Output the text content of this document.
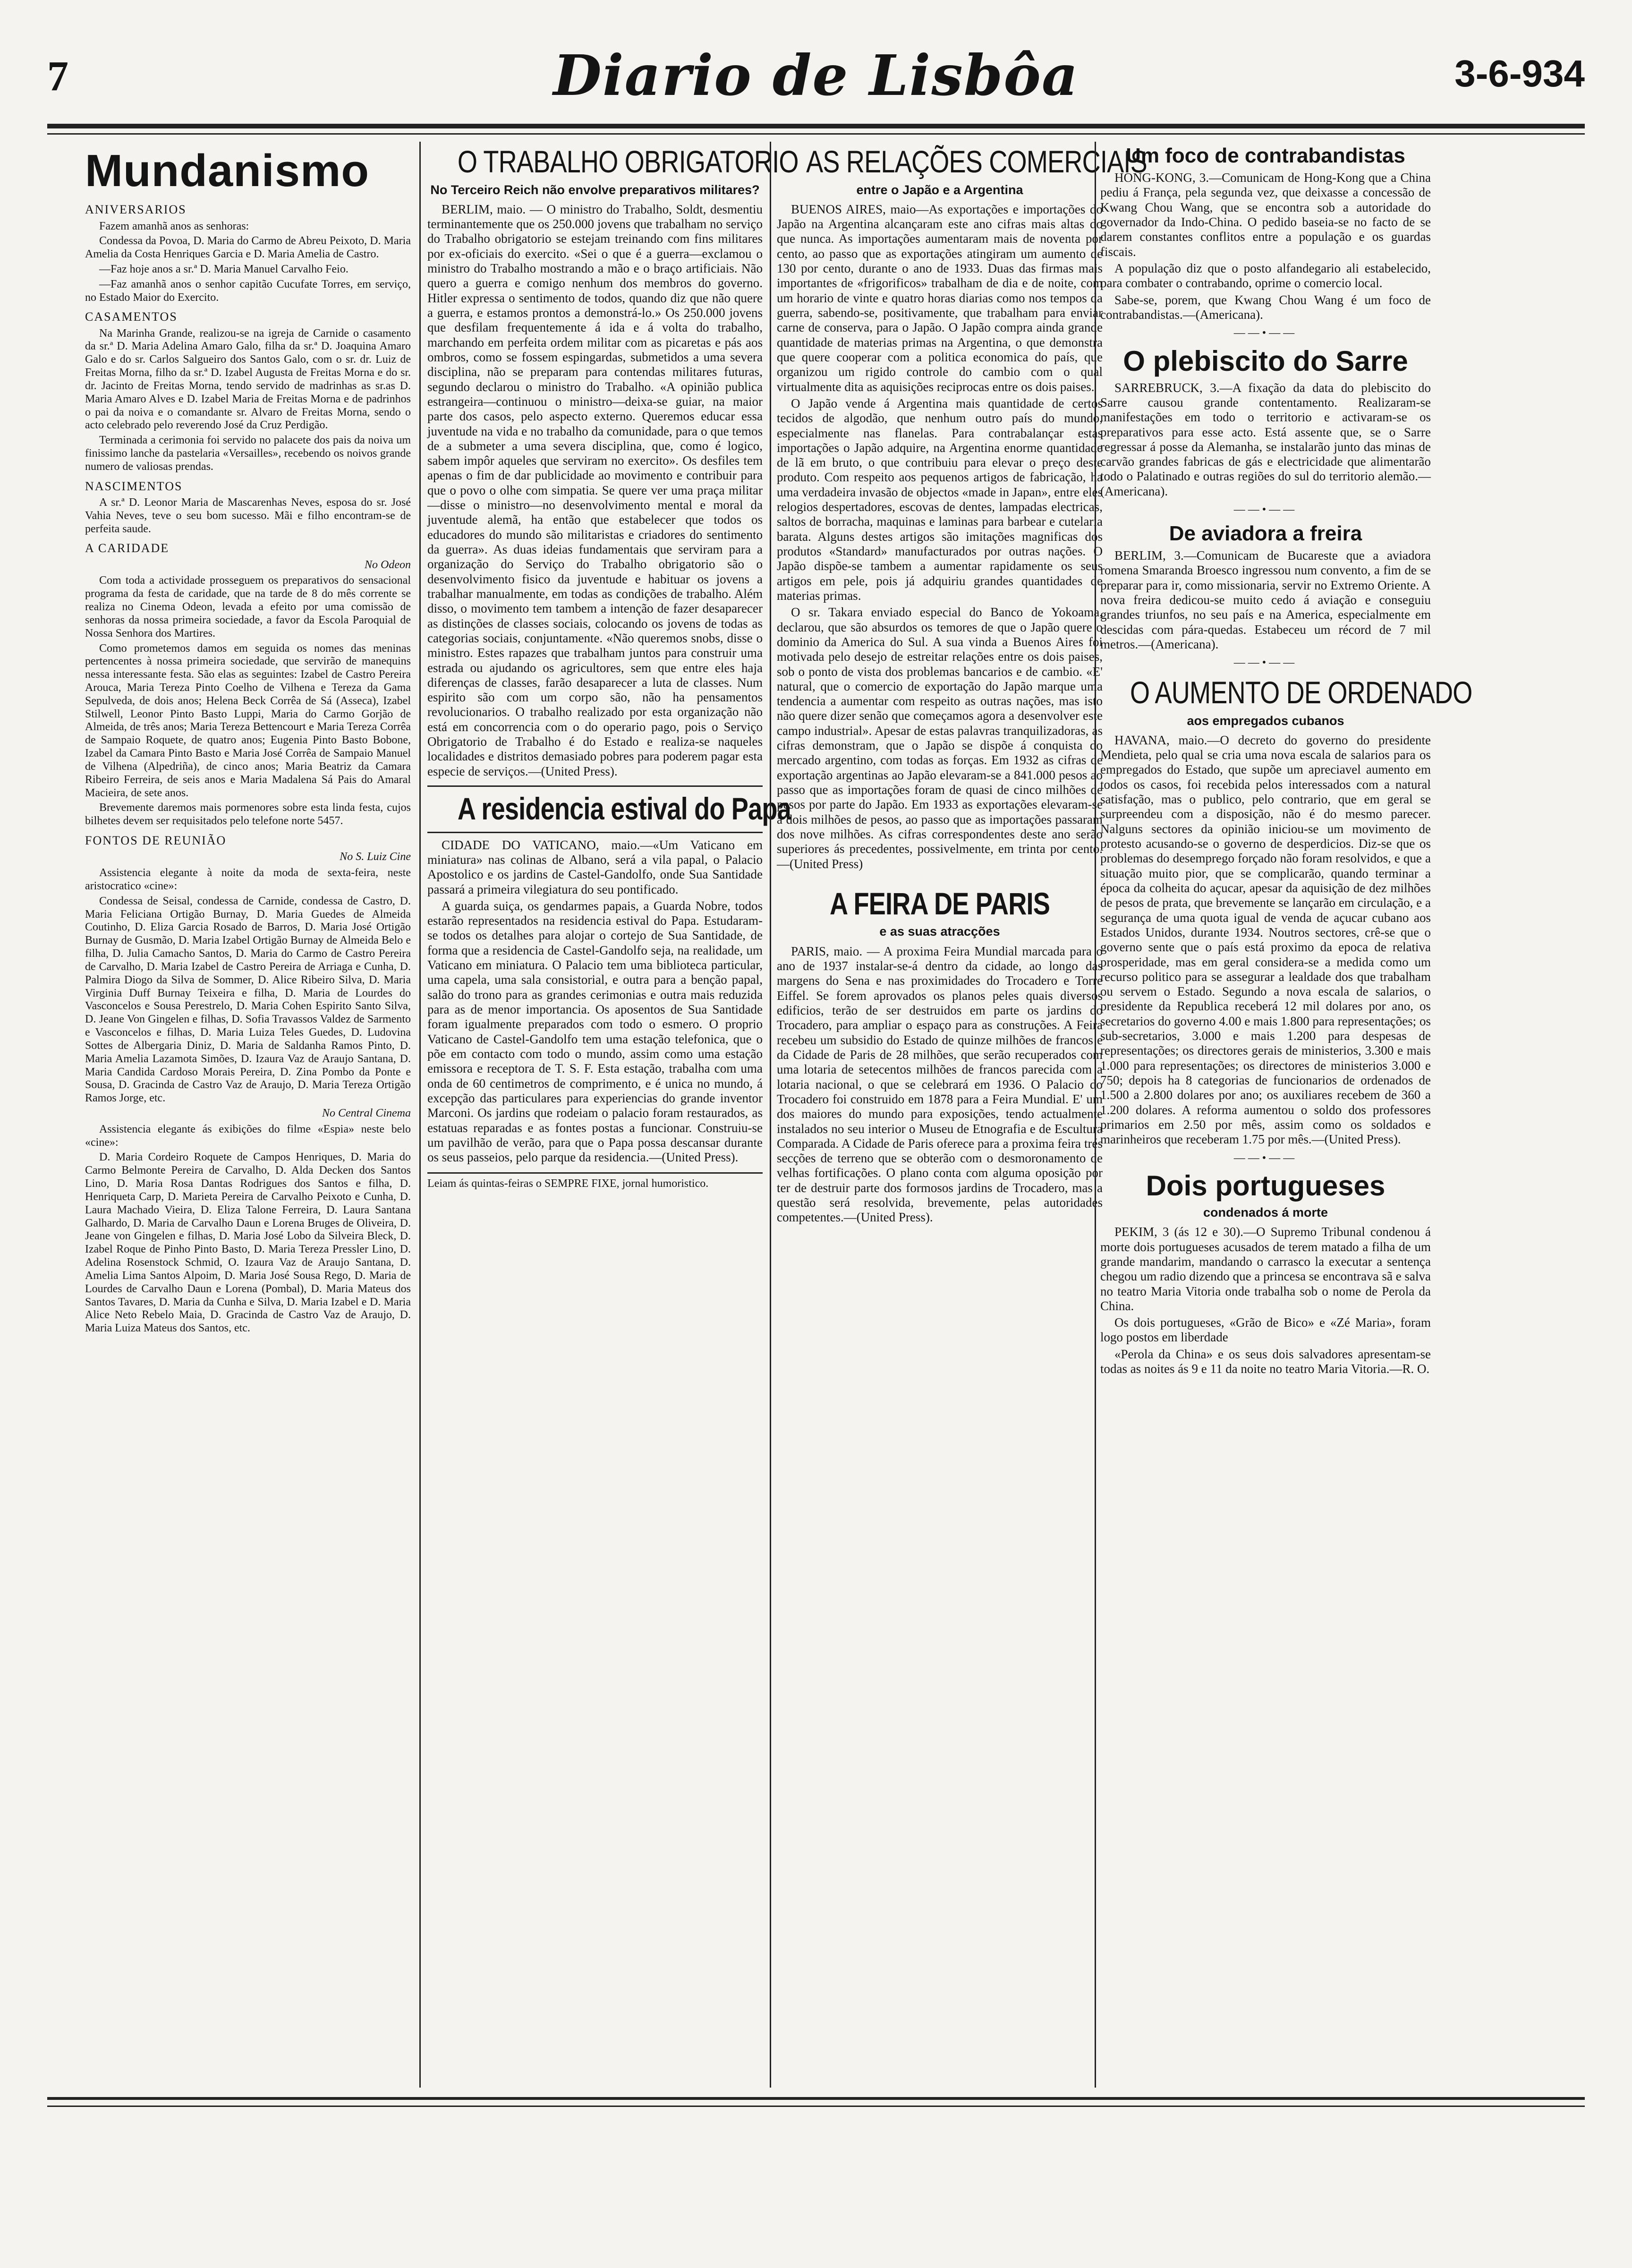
7	Diario de Lisbôa	3-6-934
Mundanismo
ANIVERSARIOS

Fazem amanhã anos as senhoras:

Condessa da Povoa, D. Maria do Carmo de Abreu Peixoto, D. Maria Amelia da Costa Henriques Garcia e D. Maria Amelia de Castro.

—Faz hoje anos a sr.ª D. Maria Manuel Carvalho Feio.

—Faz amanhã anos o senhor capitão Cucufate Torres, em serviço, no Estado Maior do Exercito.

CASAMENTOS

Na Marinha Grande, realizou-se na igreja de Carnide o casamento da sr.ª D. Maria Adelina Amaro Galo, filha da sr.ª D. Joaquina Amaro Galo e do sr. Carlos Salgueiro dos Santos Galo, com o sr. dr. Luiz de Freitas Morna, filho da sr.ª D. Izabel Augusta de Freitas Morna e do sr. dr. Jacinto de Freitas Morna, tendo servido de madrinhas as sr.as D. Maria Amaro Alves e D. Izabel Maria de Freitas Morna e de padrinhos o pai da noiva e o comandante sr. Alvaro de Freitas Morna, sendo o acto celebrado pelo reverendo José da Cruz Perdigão.

Terminada a cerimonia foi servido no palacete dos pais da noiva um finissimo lanche da pastelaria «Versailles», recebendo os noivos grande numero de valiosas prendas.

NASCIMENTOS

A sr.ª D. Leonor Maria de Mascarenhas Neves, esposa do sr. José Vahia Neves, teve o seu bom sucesso. Mãi e filho encontram-se de perfeita saude.

A CARIDADE
No Odeon

Com toda a actividade prosseguem os preparativos do sensacional programa da festa de caridade, que na tarde de 8 do mês corrente se realiza no Cinema Odeon, levada a efeito por uma comissão de senhoras da nossa primeira sociedade, a favor da Escola Paroquial de Nossa Senhora dos Martires.

Como prometemos damos em seguida os nomes das meninas pertencentes à nossa primeira sociedade, que servirão de manequins nessa interessante festa. São elas as seguintes: Izabel de Castro Pereira Arouca, Maria Tereza Pinto Coelho de Vilhena e Tereza da Gama Sepulveda, de dois anos; Helena Beck Corrêa de Sá (Asseca), Izabel Stilwell, Leonor Pinto Basto Luppi, Maria do Carmo Gorjão de Almeida, de três anos; Maria Tereza Bettencourt e Maria Tereza Corrêa de Sampaio Roquete, de quatro anos; Eugenia Pinto Basto Bobone, Izabel da Camara Pinto Basto e Maria José Corrêa de Sampaio Manuel de Vilhena (Alpedriña), de cinco anos; Maria Beatriz da Camara Ribeiro Ferreira, de seis anos e Maria Madalena Sá Pais do Amaral Macieira, de sete anos.

Brevemente daremos mais pormenores sobre esta linda festa, cujos bilhetes devem ser requisitados pelo telefone norte 5457.

FONTOS DE REUNIÃO
No S. Luiz Cine

Assistencia elegante à noite da moda de sexta-feira, neste aristocratico «cine»:

Condessa de Seisal, condessa de Carnide, condessa de Castro, D. Maria Feliciana Ortigão Burnay, D. Maria Guedes de Almeida Coutinho, D. Eliza Garcia Rosado de Barros, D. Maria José Ortigão Burnay de Gusmão, D. Maria Izabel Ortigão Burnay de Almeida Belo e filha, D. Julia Camacho Santos, D. Maria do Carmo de Castro Pereira de Carvalho, D. Maria Izabel de Castro Pereira de Arriaga e Cunha, D. Palmira Diogo da Silva de Sommer, D. Alice Ribeiro Silva, D. Maria Virginia Duff Burnay Teixeira e filha, D. Maria de Lourdes do Vasconcelos e Sousa Perestrelo, D. Maria Cohen Espirito Santo Silva, D. Jeane Von Gingelen e filhas, D. Sofia Travassos Valdez de Sarmento e Vasconcelos e filhas, D. Maria Luiza Teles Guedes, D. Ludovina Sottes de Albergaria Diniz, D. Maria de Saldanha Ramos Pinto, D. Maria Amelia Lazamota Simões, D. Izaura Vaz de Araujo Santana, D. Maria Candida Cardoso Morais Pereira, D. Zina Pombo da Ponte e Sousa, D. Gracinda de Castro Vaz de Araujo, D. Maria Tereza Ortigão Ramos Jorge, etc.

No Central Cinema

Assistencia elegante ás exibições do filme «Espia» neste belo «cine»:

D. Maria Cordeiro Roquete de Campos Henriques, D. Maria do Carmo Belmonte Pereira de Carvalho, D. Alda Decken dos Santos Lino, D. Maria Rosa Dantas Rodrigues dos Santos e filha, D. Henriqueta Carp, D. Marieta Pereira de Carvalho Peixoto e Cunha, D. Laura Machado Vieira, D. Eliza Talone Ferreira, D. Laura Santana Galhardo, D. Maria de Carvalho Daun e Lorena Bruges de Oliveira, D. Jeane von Gingelen e filhas, D. Maria José Lobo da Silveira Bleck, D. Izabel Roque de Pinho Pinto Basto, D. Maria Tereza Pressler Lino, D. Adelina Rosenstock Schmid, O. Izaura Vaz de Araujo Santana, D. Amelia Lima Santos Alpoim, D. Maria José Sousa Rego, D. Maria de Lourdes de Carvalho Daun e Lorena (Pombal), D. Maria Mateus dos Santos Tavares, D. Maria da Cunha e Silva, D. Maria Izabel e D. Maria Alice Neto Rebelo Maia, D. Gracinda de Castro Vaz de Araujo, D. Maria Luiza Mateus dos Santos, etc.

O TRABALHO OBRIGATORIO
No Terceiro Reich não envolve preparativos militares?

BERLIM, maio. — O ministro do Trabalho, Soldt, desmentiu terminantemente que os 250.000 jovens que trabalham no serviço do Trabalho obrigatorio se estejam treinando com fins militares por ex-oficiais do exercito. «Sei o que é a guerra—exclamou o ministro do Trabalho mostrando a mão e o braço artificiais. Não quero a guerra e comigo nenhum dos membros do governo. Hitler expressa o sentimento de todos, quando diz que não quere a guerra, e estamos prontos a demonstrá-lo.» Os 250.000 jovens que desfilam frequentemente á ida e á volta do trabalho, marchando em perfeita ordem militar com as picaretas e pás aos ombros, como se fossem espingardas, submetidos a uma severa disciplina, não se preparam para contendas militares futuras, segundo declarou o ministro do Trabalho. «A opinião publica estrangeira—continuou o ministro—deixa-se guiar, na maior parte dos casos, pelo aspecto externo. Queremos educar essa juventude na vida e no trabalho da comunidade, para o que temos de a submeter a uma severa disciplina, que, como é logico, sabem impôr aqueles que serviram no exercito». Os desfiles tem apenas o fim de dar publicidade ao movimento e contribuir para que o povo o olhe com simpatia. Se quere ver uma praça militar—disse o ministro—no desenvolvimento mental e moral da juventude alemã, ha então que estabelecer que todos os educadores do mundo são militaristas e criadores do sentimento da guerra». As duas ideias fundamentais que serviram para a organização do Serviço do Trabalho obrigatorio são o desenvolvimento fisico da juventude e habituar os jovens a trabalhar manualmente, em todas as condições de trabalho. Além disso, o movimento tem tambem a intenção de fazer desaparecer as distinções de classes sociais, colocando os jovens de todas as categorias sociais, conjuntamente. «Não queremos snobs, disse o ministro. Estes rapazes que trabalham juntos para construir uma estrada ou ajudando os agricultores, sem que entre eles haja diferenças de classes, farão desaparecer a luta de classes. Num espirito são com um corpo são, não ha pensamentos revolucionarios. O trabalho realizado por esta organização não está em concorrencia com o do operario pago, pois o Serviço Obrigatorio de Trabalho é do Estado e realiza-se naqueles localidades e distritos demasiado pobres para poderem pagar esta especie de serviços.—(United Press).

A residencia estival do Papa

CIDADE DO VATICANO, maio.—«Um Vaticano em miniatura» nas colinas de Albano, será a vila papal, o Palacio Apostolico e os jardins de Castel-Gandolfo, onde Sua Santidade passará a primeira vilegiatura do seu pontificado.

A guarda suiça, os gendarmes papais, a Guarda Nobre, todos estarão representados na residencia estival do Papa. Estudaram-se todos os detalhes para alojar o cortejo de Sua Santidade, de forma que a residencia de Castel-Gandolfo seja, na realidade, um Vaticano em miniatura. O Palacio tem uma biblioteca particular, uma capela, uma sala consistorial, e outra para a benção papal, salão do trono para as grandes cerimonias e outra mais reduzida para as de menor importancia. Os aposentos de Sua Santidade foram igualmente preparados com todo o esmero. O proprio Vaticano de Castel-Gandolfo tem uma estação telefonica, que o põe em contacto com todo o mundo, assim como uma estação emissora e receptora de T. S. F. Esta estação, trabalha com uma onda de 60 centimetros de comprimento, e é unica no mundo, á excepção das particulares para experiencias do grande inventor Marconi. Os jardins que rodeiam o palacio foram restaurados, as estatuas reparadas e as fontes postas a funcionar. Construiu-se um pavilhão de verão, para que o Papa possa descansar durante os seus passeios, pelo parque da residencia.—(United Press).

Leiam ás quintas-feiras o SEMPRE FIXE, jornal humoristico.
AS RELAÇÕES COMERCIAIS
entre o Japão e a Argentina

BUENOS AIRES, maio—As exportações e importações do Japão na Argentina alcançaram este ano cifras mais altas do que nunca. As importações aumentaram mais de noventa por cento, ao passo que as exportações atingiram um aumento de 130 por cento, durante o ano de 1933. Duas das firmas mais importantes de «frigorificos» trabalham de dia e de noite, com um horario de vinte e quatro horas diarias como nos tempos da guerra, sabendo-se, positivamente, que trabalham para enviar carne de conserva, para o Japão. O Japão compra ainda grande quantidade de materias primas na Argentina, o que demonstra que quere cooperar com a politica economica do país, que organizou um rigido controle do cambio com o qual virtualmente dita as aquisições reciprocas entre os dois paises.

O Japão vende á Argentina mais quantidade de certos tecidos de algodão, que nenhum outro país do mundo, especialmente nas flanelas. Para contrabalançar estas importações o Japão adquire, na Argentina enorme quantidade de lã em bruto, o que contribuiu para elevar o preço deste produto. Com respeito aos pequenos artigos de fabricação, ha uma verdadeira invasão de objectos «made in Japan», entre eles relogios despertadores, escovas de dentes, lampadas electricas, saltos de borracha, maquinas e laminas para barbear e cutelaria barata. Alguns destes artigos são imitações magnificas dos produtos «Standard» manufacturados por outras nações. O Japão dispõe-se tambem a aumentar rapidamente os seus artigos em pele, pois já adquiriu grandes quantidades de materias primas.

O sr. Takara enviado especial do Banco de Yokoama, declarou, que são absurdos os temores de que o Japão quere o dominio da America do Sul. A sua vinda a Buenos Aires foi motivada pelo desejo de estreitar relações entre os dois paises, sob o ponto de vista dos problemas bancarios e de cambio. «E' natural, que o comercio de exportação do Japão marque uma tendencia a aumentar com respeito as outras nações, mas isto não quere dizer senão que começamos agora a desenvolver este campo industrial». Apesar de estas palavras tranquilizadoras, as cifras demonstram, que o Japão se dispõe á conquista do mercado argentino, com todas as forças. Em 1932 as cifras de exportação argentinas ao Japão elevaram-se a 841.000 pesos ao passo que as importações foram de quasi de cinco milhões de pesos por parte do Japão. Em 1933 as exportações elevaram-se a dois milhões de pesos, ao passo que as importações passaram dos nove milhões. As cifras correspondentes deste ano serão superiores ás precedentes, possivelmente, em trinta por cento.—(United Press)

A FEIRA DE PARIS
e as suas atracções

PARIS, maio. — A proxima Feira Mundial marcada para o ano de 1937 instalar-se-á dentro da cidade, ao longo das margens do Sena e nas proximidades do Trocadero e Torre Eiffel. Se forem aprovados os planos peles quais diversos edificios, terão de ser destruidos em parte os jardins do Trocadero, para ampliar o espaço para as construções. A Feira recebeu um subsidio do Estado de quinze milhões de francos e da Cidade de Paris de 28 milhões, que serão recuperados com uma lotaria de setecentos milhões de francos parecida com a lotaria nacional, o que se celebrará em 1936. O Palacio do Trocadero foi construido em 1878 para a Feira Mundial. E' um dos maiores do mundo para exposições, tendo actualmente instalados no seu interior o Museu de Etnografia e de Escultura Comparada. A Cidade de Paris oferece para a proxima feira trés secções de terreno que se obterão com o desmoronamento de velhas fortificações. O plano conta com alguma oposição por ter de destruir parte dos formosos jardins de Trocadero, mas a questão será resolvida, brevemente, pelas autoridades competentes.—(United Press).

Um foco de contrabandistas

HONG-KONG, 3.—Comunicam de Hong-Kong que a China pediu á França, pela segunda vez, que deixasse a concessão de Kwang Chou Wang, que se encontra sob a autoridade do governador da Indo-China. O pedido baseia-se no facto de se darem constantes conflitos entre a população e os guardas fiscais.

A população diz que o posto alfandegario ali estabelecido, para combater o contrabando, oprime o comercio local.

Sabe-se, porem, que Kwang Chou Wang é um foco de contrabandistas.—(Americana).

——•——
O plebiscito do Sarre

SARREBRUCK, 3.—A fixação da data do plebiscito do Sarre causou grande contentamento. Realizaram-se manifestações em todo o territorio e activaram-se os preparativos para esse acto. Está assente que, se o Sarre regressar á posse da Alemanha, se instalarão junto das minas de carvão grandes fabricas de gás e electricidade que alimentarão todo o Palatinado e outras regiões do sul do territorio alemão.—(Americana).

——•——
De aviadora a freira

BERLIM, 3.—Comunicam de Bucareste que a aviadora romena Smaranda Broesco ingressou num convento, a fim de se preparar para ir, como missionaria, servir no Extremo Oriente. A nova freira dedicou-se muito cedo á aviação e conseguiu grandes triunfos, no seu país e na America, especialmente em descidas com pára-quedas. Estabeceu um récord de 7 mil metros.—(Americana).

——•——
O AUMENTO DE ORDENADO
aos empregados cubanos

HAVANA, maio.—O decreto do governo do presidente Mendieta, pelo qual se cria uma nova escala de salarios para os empregados do Estado, que supõe um apreciavel aumento em todos os casos, foi recebida pelos interessados com a natural satisfação, mas o publico, pelo contrario, que em geral se surpreendeu com a disposição, não é do mesmo parecer. Nalguns sectores da opinião iniciou-se um movimento de protesto acusando-se o governo de desperdicios. Diz-se que os problemas do desemprego forçado não foram resolvidos, e que a situação muito pior, que se complicarão, quando terminar a época da colheita do açucar, apesar da aquisição de dez milhões de pesos de prata, que brevemente se lançarão em circulação, e a segurança de uma quota igual de venda de açucar cubano aos Estados Unidos, durante 1934. Noutros sectores, crê-se que o governo sente que o país está proximo da epoca de relativa prosperidade, mas em geral considera-se a medida como um recurso politico para se assegurar a lealdade dos que trabalham ou servem o Estado. Segundo a nova escala de salarios, o presidente da Republica receberá 12 mil dolares por ano, os secretarios do governo 4.00 e mais 1.800 para representações; os sub-secretarios, 3.000 e mais 1.200 para despesas de representações; os directores gerais de ministerios, 3.300 e mais 1.000 para representações; os directores de ministerios 3.000 e 750; depois ha 8 categorias de funcionarios de ordenados de 1.500 a 2.800 dolares por ano; os auxiliares recebem de 360 a 1.200 dolares. A reforma aumentou o soldo dos professores primarios em 2.50 por mês, assim como os soldados e marinheiros que receberam 1.75 por mês.—(United Press).

——•——
Dois portugueses
condenados á morte

PEKIM, 3 (ás 12 e 30).—O Supremo Tribunal condenou á morte dois portugueses acusados de terem matado a filha de um grande mandarim, mandando o carrasco la executar a sentença chegou um radio dizendo que a princesa se encontrava sã e salva no teatro Maria Vitoria onde trabalha sob o nome de Perola da China.

Os dois portugueses, «Grão de Bico» e «Zé Maria», foram logo postos em liberdade

«Perola da China» e os seus dois salvadores apresentam-se todas as noites ás 9 e 11 da noite no teatro Maria Vitoria.—R. O.
